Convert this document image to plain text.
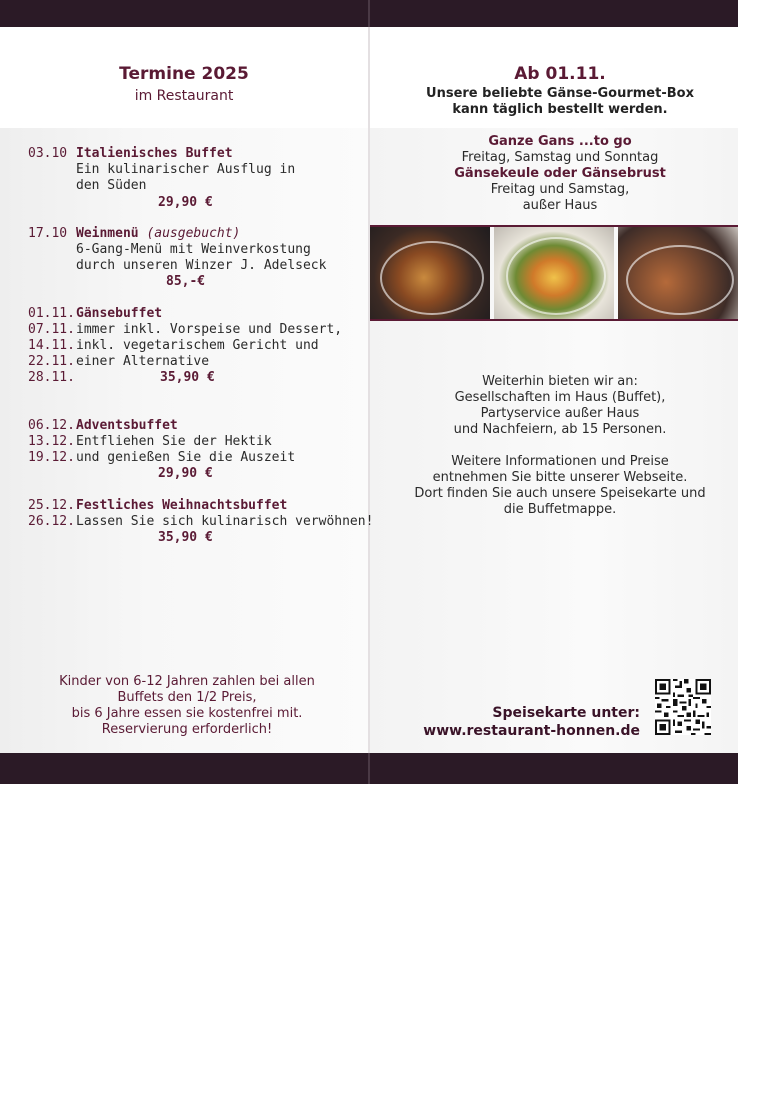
Termine 2025
im Restaurant
03.10 Italienisches Buffet
Ein kulinarischer Ausflug in
den Süden
29,90 €
17.10 Weinmenü (ausgebucht)
6-Gang-Menü mit Weinverkostung
durch unseren Winzer J. Adelseck
85,-€
01.11. Gänsebuffet
07.11. immer inkl. Vorspeise und Dessert,
14.11. inkl. vegetarischem Gericht und
22.11. einer Alternative
28.11.	35,90 €
06.12. Adventsbuffet
13.12. Entfliehen Sie der Hektik
19.12. und genießen Sie die Auszeit
29,90 €
25.12. Festliches Weihnachtsbuffet
26.12. Lassen Sie sich kulinarisch verwöhnen!
35,90 €
Kinder von 6-12 Jahren zahlen bei allen
Buffets den 1/2 Preis,
bis 6 Jahre essen sie kostenfrei mit.
Reservierung erforderlich!
Ab 01.11.
Unsere beliebte Gänse-Gourmet-Box
kann täglich bestellt werden.
Ganze Gans ...to go
Freitag, Samstag und Sonntag
Gänsekeule oder Gänsebrust
Freitag und Samstag,
außer Haus
Weiterhin bieten wir an:
Gesellschaften im Haus (Buffet),
Partyservice außer Haus
und Nachfeiern, ab 15 Personen.
Weitere Informationen und Preise
entnehmen Sie bitte unserer Webseite.
Dort finden Sie auch unsere Speisekarte und
die Buffetmappe.
Speisekarte unter:
www.restaurant-honnen.de
